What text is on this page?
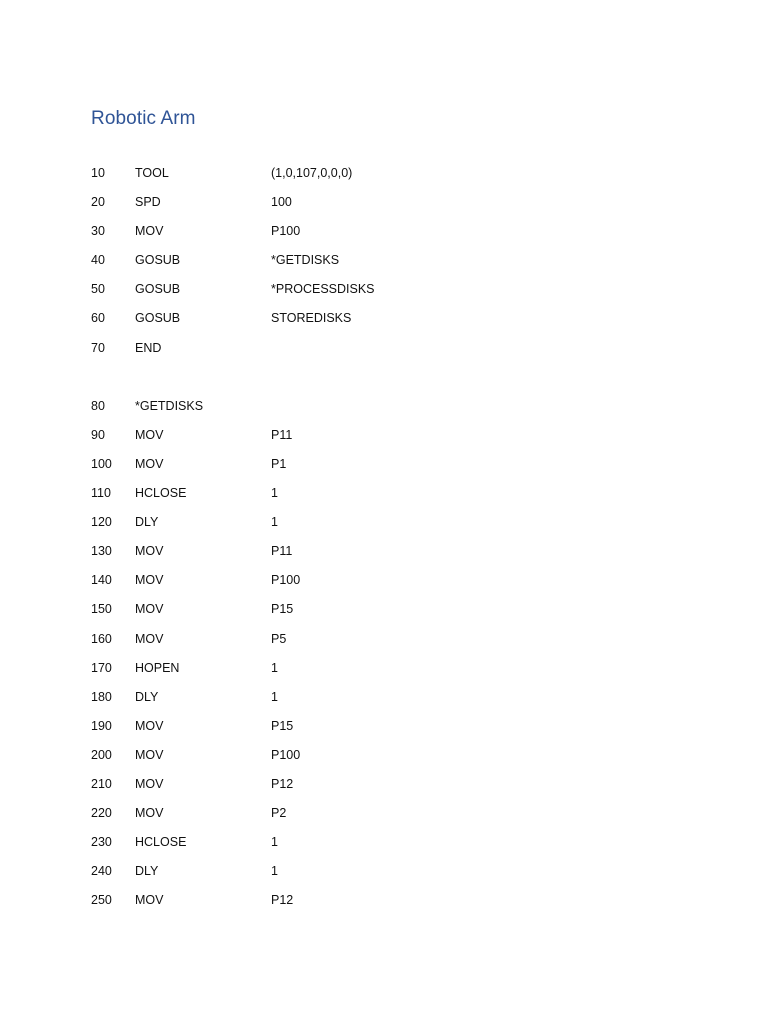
Robotic Arm
10	TOOL	(1,0,107,0,0,0)
20	SPD	100
30	MOV	P100
40	GOSUB	*GETDISKS
50	GOSUB	*PROCESSDISKS
60	GOSUB	STOREDISKS
70	END
80	*GETDISKS
90	MOV	P11
100	MOV	P1
110	HCLOSE	1
120	DLY	1
130	MOV	P11
140	MOV	P100
150	MOV	P15
160	MOV	P5
170	HOPEN	1
180	DLY	1
190	MOV	P15
200	MOV	P100
210	MOV	P12
220	MOV	P2
230	HCLOSE	1
240	DLY	1
250	MOV	P12
